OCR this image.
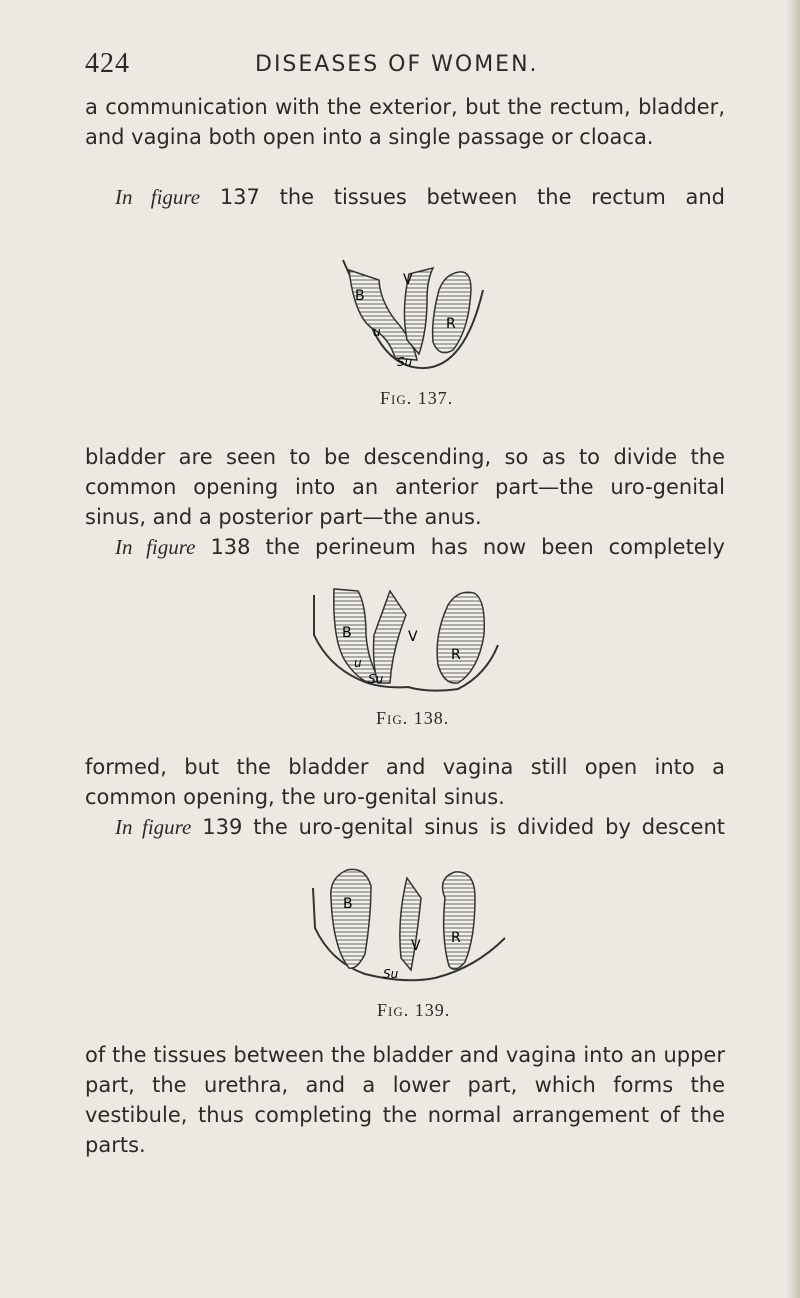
424	DISEASES OF WOMEN.

a communication with the exterior, but the rectum, bladder, and vagina both open into a single passage or cloaca.

In figure 137 the tissues between the rectum and

B
V
R
u
Su
Fig. 137.

bladder are seen to be descending, so as to divide the common opening into an anterior part—the uro-genital sinus, and a posterior part—the anus.

In figure 138 the perineum has now been completely

B	V
R
u
Su
Fig. 138.

formed, but the bladder and vagina still open into a common opening, the uro-genital sinus.

In figure 139 the uro-genital sinus is divided by descent

B
V R
Su
Fig. 139.

of the tissues between the bladder and vagina into an upper part, the urethra, and a lower part, which forms the vestibule, thus completing the normal arrangement of the parts.
